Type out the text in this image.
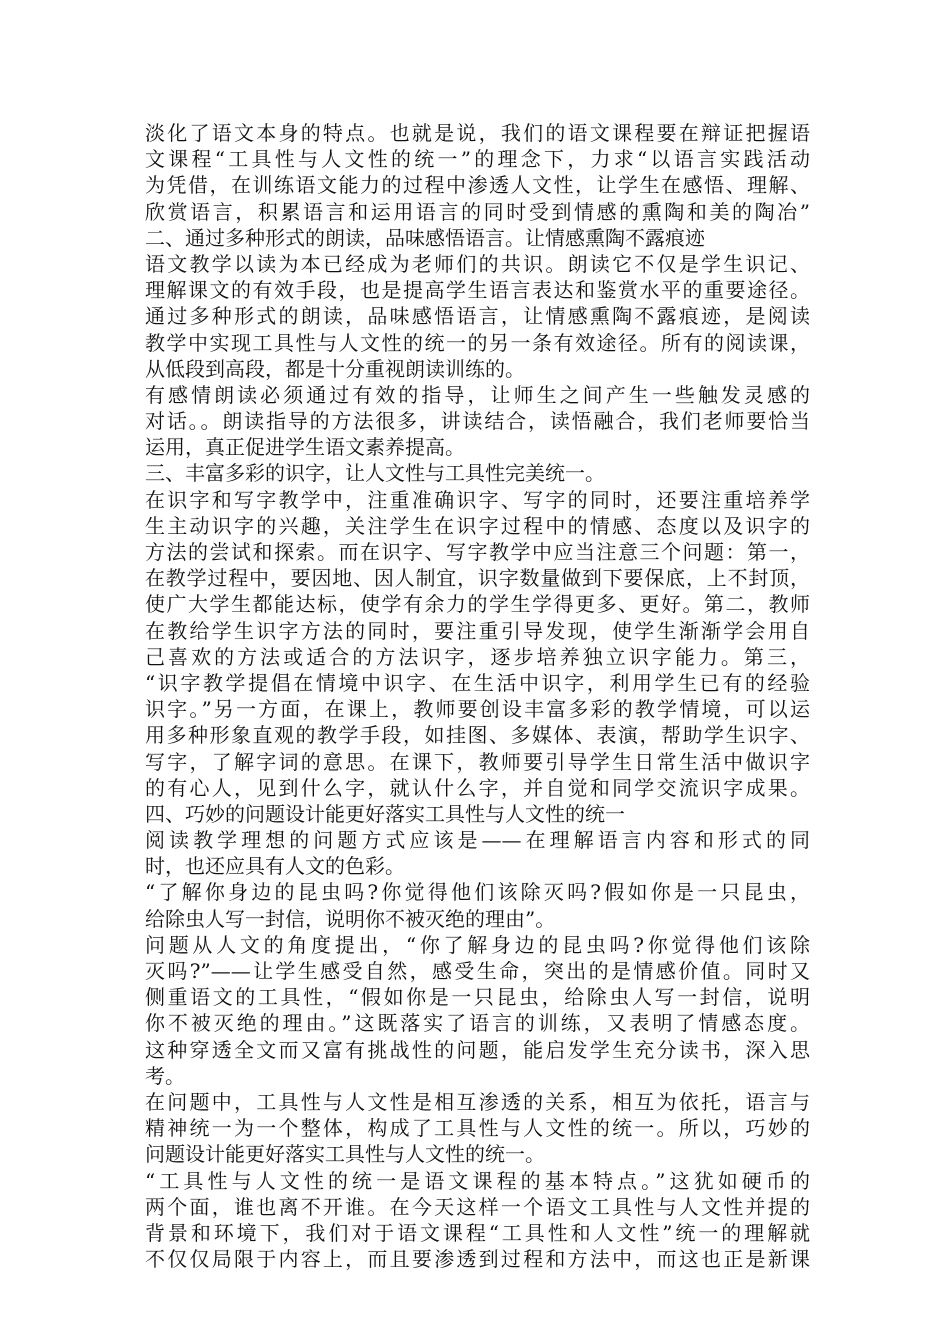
淡化了语文本身的特点。也就是说，我们的语文课程要在辩证把握语
文课程“工具性与人文性的统一”的理念下，力求“以语言实践活动
为凭借，在训练语文能力的过程中渗透人文性，让学生在感悟、理解、
欣赏语言，积累语言和运用语言的同时受到情感的熏陶和美的陶冶”
二、通过多种形式的朗读，品味感悟语言。让情感熏陶不露痕迹
语文教学以读为本已经成为老师们的共识。朗读它不仅是学生识记、
理解课文的有效手段，也是提高学生语言表达和鉴赏水平的重要途径。
通过多种形式的朗读，品味感悟语言，让情感熏陶不露痕迹，是阅读
教学中实现工具性与人文性的统一的另一条有效途径。所有的阅读课，
从低段到高段，都是十分重视朗读训练的。
有感情朗读必须通过有效的指导，让师生之间产生一些触发灵感的
对话。。朗读指导的方法很多，讲读结合，读悟融合，我们老师要恰当
运用，真正促进学生语文素养提高。
三、丰富多彩的识字，让人文性与工具性完美统一。
在识字和写字教学中，注重准确识字、写字的同时，还要注重培养学
生主动识字的兴趣，关注学生在识字过程中的情感、态度以及识字的
方法的尝试和探索。而在识字、写字教学中应当注意三个问题：第一，
在教学过程中，要因地、因人制宜，识字数量做到下要保底，上不封顶，
使广大学生都能达标，使学有余力的学生学得更多、更好。第二，教师
在教给学生识字方法的同时，要注重引导发现，使学生渐渐学会用自
己喜欢的方法或适合的方法识字，逐步培养独立识字能力。第三，
“识字教学提倡在情境中识字、在生活中识字，利用学生已有的经验
识字。”另一方面，在课上，教师要创设丰富多彩的教学情境，可以运
用多种形象直观的教学手段，如挂图、多媒体、表演，帮助学生识字、
写字，了解字词的意思。在课下，教师要引导学生日常生活中做识字
的有心人，见到什么字，就认什么字，并自觉和同学交流识字成果。
四、巧妙的问题设计能更好落实工具性与人文性的统一
阅读教学理想的问题方式应该是——在理解语言内容和形式的同
时，也还应具有人文的色彩。
“了解你身边的昆虫吗?你觉得他们该除灭吗?假如你是一只昆虫，
给除虫人写一封信，说明你不被灭绝的理由”。
问题从人文的角度提出，“你了解身边的昆虫吗?你觉得他们该除
灭吗?”——让学生感受自然，感受生命，突出的是情感价值。同时又
侧重语文的工具性，“假如你是一只昆虫，给除虫人写一封信，说明
你不被灭绝的理由。”这既落实了语言的训练，又表明了情感态度。
这种穿透全文而又富有挑战性的问题，能启发学生充分读书，深入思
考。
在问题中，工具性与人文性是相互渗透的关系，相互为依托，语言与
精神统一为一个整体，构成了工具性与人文性的统一。所以，巧妙的
问题设计能更好落实工具性与人文性的统一。
“工具性与人文性的统一是语文课程的基本特点。”这犹如硬币的
两个面，谁也离不开谁。在今天这样一个语文工具性与人文性并提的
背景和环境下，我们对于语文课程“工具性和人文性”统一的理解就
不仅仅局限于内容上，而且要渗透到过程和方法中，而这也正是新课
